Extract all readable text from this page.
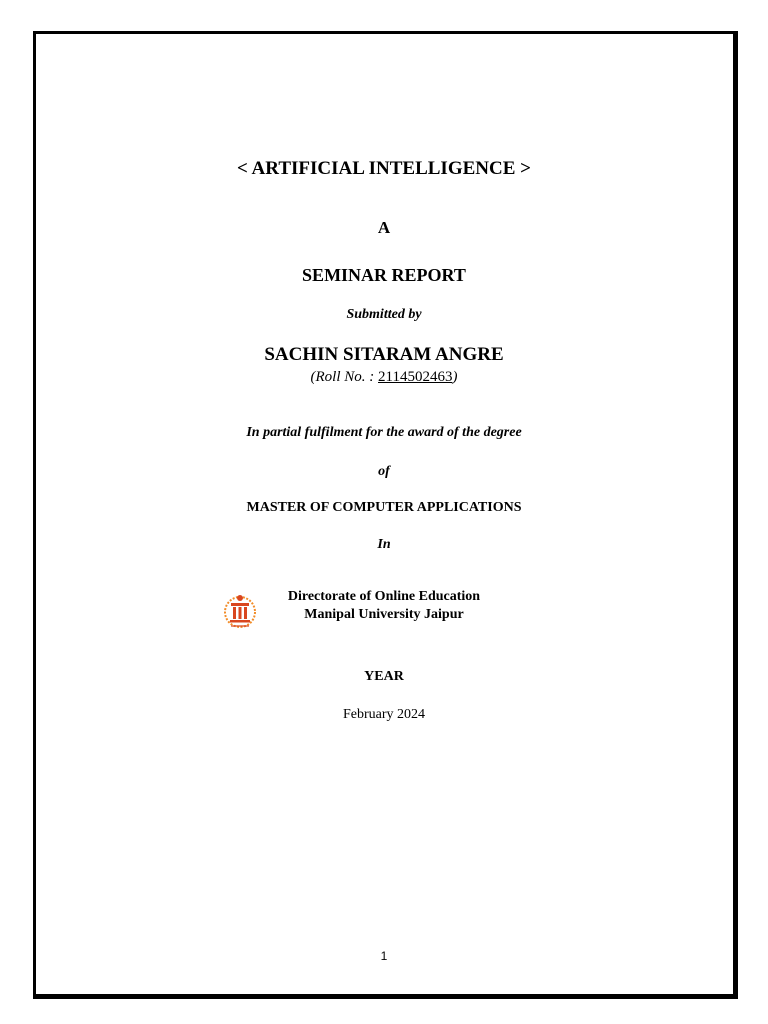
< ARTIFICIAL INTELLIGENCE >
A
SEMINAR REPORT
Submitted by
SACHIN SITARAM ANGRE
(Roll No. : 2114502463)
In partial fulfilment for the award of the degree
of
MASTER OF COMPUTER APPLICATIONS
In
Directorate of Online Education
Manipal University Jaipur
YEAR
February 2024
1
